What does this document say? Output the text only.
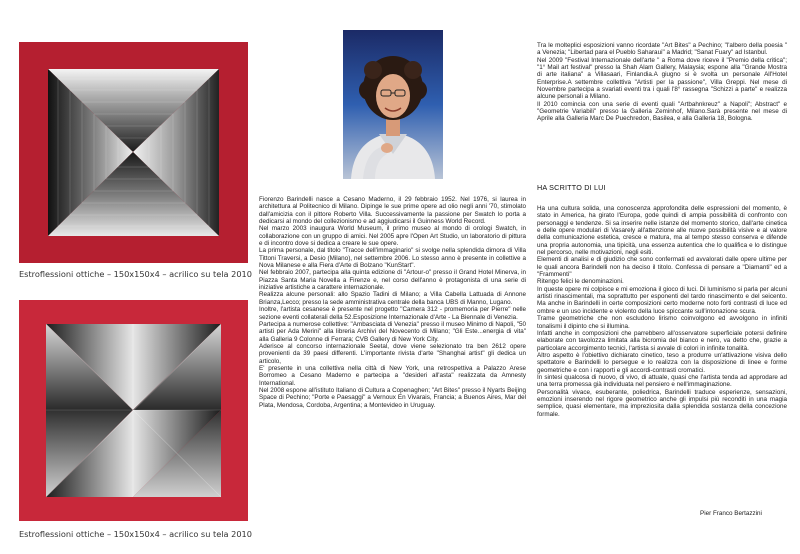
Estroflessioni ottiche – 150x150x4 – acrilico su tela 2010
Estroflessioni ottiche – 150x150x4 – acrilico su tela 2010

Fiorenzo Barindelli nasce a Cesano Maderno, il 29 febbraio 1952. Nel 1976, si laurea in architettura al Politecnico di Milano. Dipinge le sue prime opere ad olio negli anni '70, stimolato dall'amicizia con il pittore Roberto Villa. Successivamente la passione per Swatch lo porta a dedicarsi al mondo del collezionismo e ad aggiudicarsi il Guinness World Record.

Nel marzo 2003 inaugura World Museum, il primo museo al mondo di orologi Swatch, in collaborazione con un gruppo di amici. Nel 2005 apre l'Open Art Studio, un laboratorio di pittura e di incontro dove si dedica a creare le sue opere.

La prima personale, dal titolo "Tracce dell'immaginario" si svolge nella splendida dimora di Villa Tittoni Traversi, a Desio (Milano), nel settembre 2006. Lo stesso anno è presente in collettive a Nova Milanese e alla Fiera d'Arte di Bolzano "KunStart".

Nel febbraio 2007, partecipa alla quinta edizione di "Artour-o" presso il Grand Hotel Minerva, in Piazza Santa Maria Novella a Firenze e, nel corso dell'anno è protagonista di una serie di iniziative artistiche a carattere internazionale.

Realizza alcune personali: allo Spazio Tadini di Milano; a Villa Cabella Lattuada di Annone Brianza,Lecco; presso la sede amministrativa centrale della banca UBS di Manno, Lugano.

Inoltre, l'artista cesanese è presente nel progetto "Camera 312 - promemoria per Pierre" nelle sezione eventi collaterali della 52.Esposizione Internazionale d'Arte - La Biennale di Venezia.

Partecipa a numerose collettive: "Ambasciata di Venezia" presso il museo Minimo di Napoli, "50 artisti per Ada Merini" alla libreria Archivi del Novecento di Milano; "Gli Este...energia di vita" alla Galleria 9 Colonne di Ferrara; CVB Gallery di New York City.

Aderisce al concorso internazionale Seetal, dove viene selezionato tra ben 2612 opere provenienti da 39 paesi differenti. L'importante rivista d'arte "Shanghai artist" gli dedica un articolo,

E' presente in una collettiva nella città di New York, una retrospettiva a Palazzo Arese Borromeo a Cesano Maderno e partecipa a "desideri all'asta" realizzata da Amnesty International.

Nel 2008 espone all'istituto Italiano di Cultura a Copenaghen; "Art Bites" presso il Nyarts Beijing Space di Pechino; "Porte e Paesaggi" a Vernoux En Vivarais, Francia; a Buenos Aires, Mar del Plata, Mendosa, Cordoba, Argentina; a Montevideo in Uruguay.

Tra le molteplici esposizioni vanno ricordate "Art Bites" a Pechino; "l'albero della poesia " a Venezia; "Libertad para el Pueblo Saharaui" a Madrid; "Sanat Fuary" ad Istanbul.

Nel 2009 "Festival Internazionale dell'arte " a Roma dove riceve il "Premio della critica"; "1° Mail art festival" presso la Shah Alam Gallery, Malaysia; espone alla "Grande Mostra di arte italiana" a Villasaari, Finlandia.A giugno si è svolta un personale All'Hotel Enterprise.A settembre collettiva "Artisti per la passione", Villa Greppi. Nel mese di Novembre partecipa a svariati eventi tra i quali l'8° rassegna "Schizzi a parte" e realizza alcune personali a Milano.

Il 2010 comincia con una serie di eventi quali "Artbahnkreuz" a Napoli"; Abstract" e "Geometrie Variabili" presso la Galleria Zeminhof, Milano.Sarà presente nel mese di Aprile alla Galleria Marc De Puechredon, Basilea, e alla Galleria 18, Bologna.

HA SCRITTO DI LUI

Ha una cultura solida, una conoscenza approfondita delle espressioni del momento, è stato in America, ha girato l'Europa, gode quindi di ampia possibilità di confronto con personaggi e tendenze. Si sa inserire nelle istanze del momento storico, dall'arte cinetica e delle opere modulari di Vasarely all'attenzione alle nuove possibilità visive e al valore della comunicazione estetica, cresce e matura, ma al tempo stesso conserva e difende una propria autonomia, una tipicità, una essenza autentica che lo qualifica e lo distingue nel percorso, nelle motivazioni, negli esiti.

Elementi di analisi e di giudizio che sono confermati ed avvalorati dalle opere ultime per le quali ancora Barindelli non ha deciso il titolo. Confessa di pensare a "Diamanti" ed a "Frammenti"

Ritengo felici le denominazioni.

In queste opere mi colpisce e mi emoziona il gioco di luci. Di luminismo si parla per alcuni artisti rinascimentali, ma soprattutto per esponenti del tardo rinascimento e del seicento. Ma anche in Barindelli in certe composizioni certo moderne noto forti contrasti di luce ed ombre e un uso incidente e violento della luce spiccante sull'intonazione scura.

Trame geometriche che non escludono lirismo coinvolgono ed avvolgono in infiniti tonalismi il dipinto che si illumina.

Infatti anche in composizioni che parrebbero all'osservatore superficiale potersi definire elaborate con tavolozza limitata alla bicromia del bianco e nero, va detto che, grazie a particolare accorgimento tecnici, l'artista si avvale di colori in infinite tonalità.

Altro aspetto è l'obiettivo dichiarato cinetico, teso a produrre un'attivazione visiva dello spettatore e Barindelli lo persegue e lo realizza con la disposizione di linee e forme geometriche e con i rapporti e gli accordi-contrasti cromatici.

In sintesi qualcosa di nuovo, di vivo, di attuale, quasi che l'artista tenda ad approdare ad una terra promessa già individuata nel pensiero e nell'immaginazione.

Personalità vivace, esuberante, poliedrica, Barindelli traduce esperienze, sensazioni, emozioni inserendo nel rigore geometrico anche gli impulsi più reconditi in una magia semplice, quasi elementare, ma impreziosita dalla splendida sostanza della concezione formale.

Pier Franco Bertazzini
